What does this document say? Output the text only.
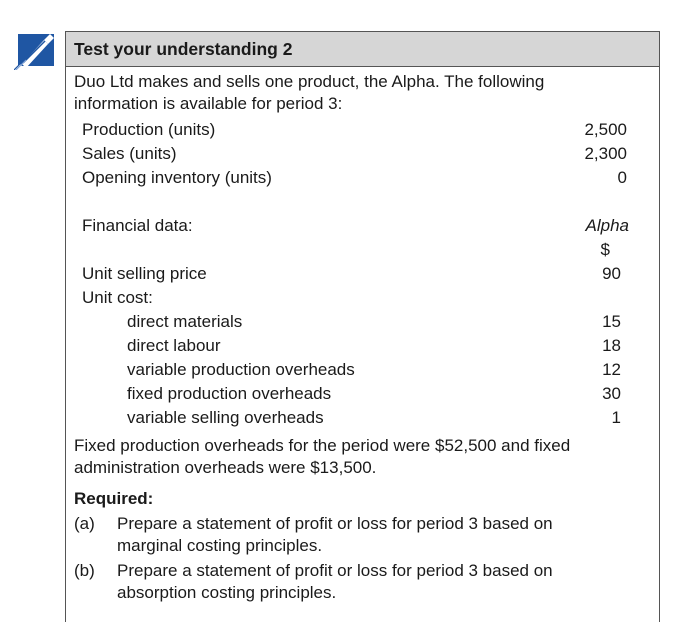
Test your understanding 2
Duo Ltd makes and sells one product, the Alpha. The following
information is available for period 3:
Production (units)	2,500
Sales (units)	2,300
Opening inventory (units)	0
Financial data:	Alpha
$
Unit selling price	90
Unit cost:
direct materials	15
direct labour	18
variable production overheads	12
fixed production overheads	30
variable selling overheads	1
Fixed production overheads for the period were $52,500 and fixed
administration overheads were $13,500.
Required:
(a) Prepare a statement of profit or loss for period 3 based on
marginal costing principles.
(b) Prepare a statement of profit or loss for period 3 based on
absorption costing principles.
